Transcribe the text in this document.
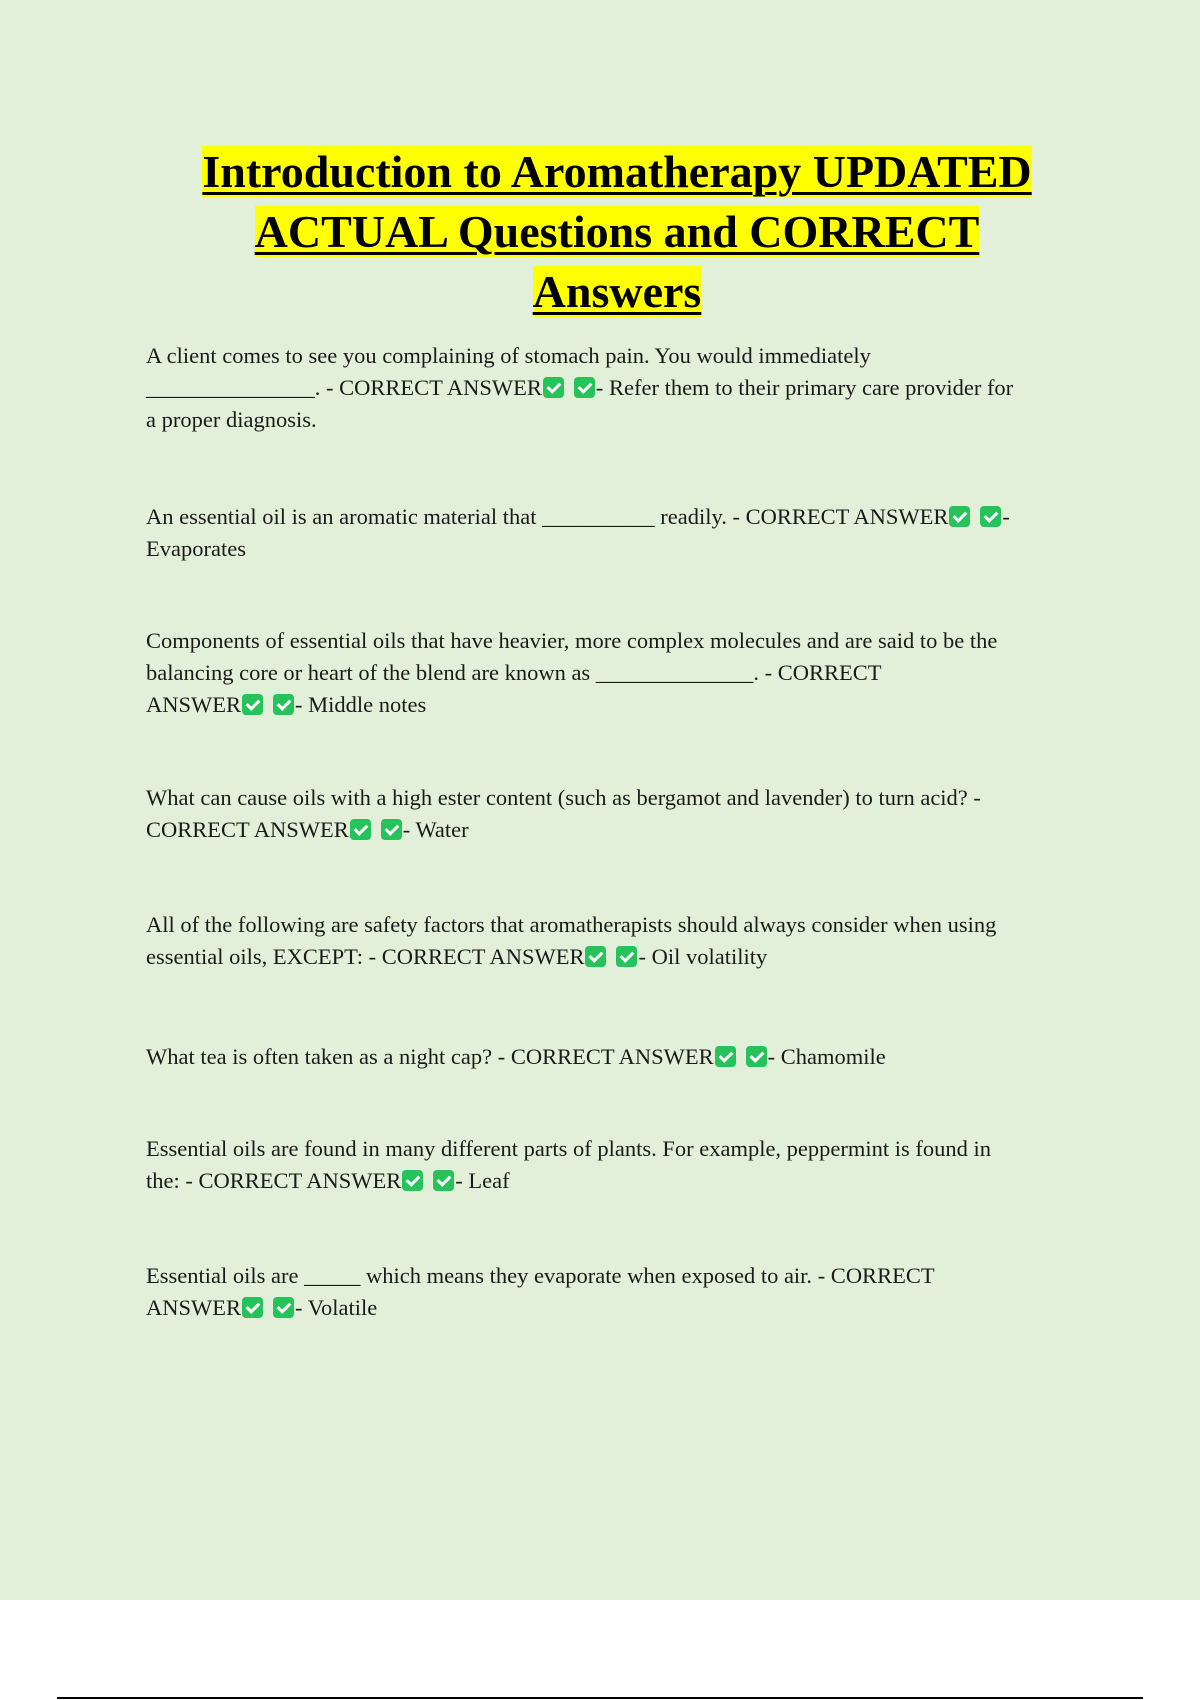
Introduction to Aromatherapy UPDATED
ACTUAL Questions and CORRECT
Answers

A client comes to see you complaining of stomach pain. You would immediately
_______________. - CORRECT ANSWER - Refer them to their primary care provider for
a proper diagnosis.

An essential oil is an aromatic material that __________ readily. - CORRECT ANSWER -
Evaporates

Components of essential oils that have heavier, more complex molecules and are said to be the
balancing core or heart of the blend are known as ______________. - CORRECT
ANSWER - Middle notes

What can cause oils with a high ester content (such as bergamot and lavender) to turn acid? -
CORRECT ANSWER - Water

All of the following are safety factors that aromatherapists should always consider when using
essential oils, EXCEPT: - CORRECT ANSWER - Oil volatility

What tea is often taken as a night cap? - CORRECT ANSWER - Chamomile

Essential oils are found in many different parts of plants. For example, peppermint is found in
the: - CORRECT ANSWER - Leaf

Essential oils are _____ which means they evaporate when exposed to air. - CORRECT
ANSWER - Volatile
